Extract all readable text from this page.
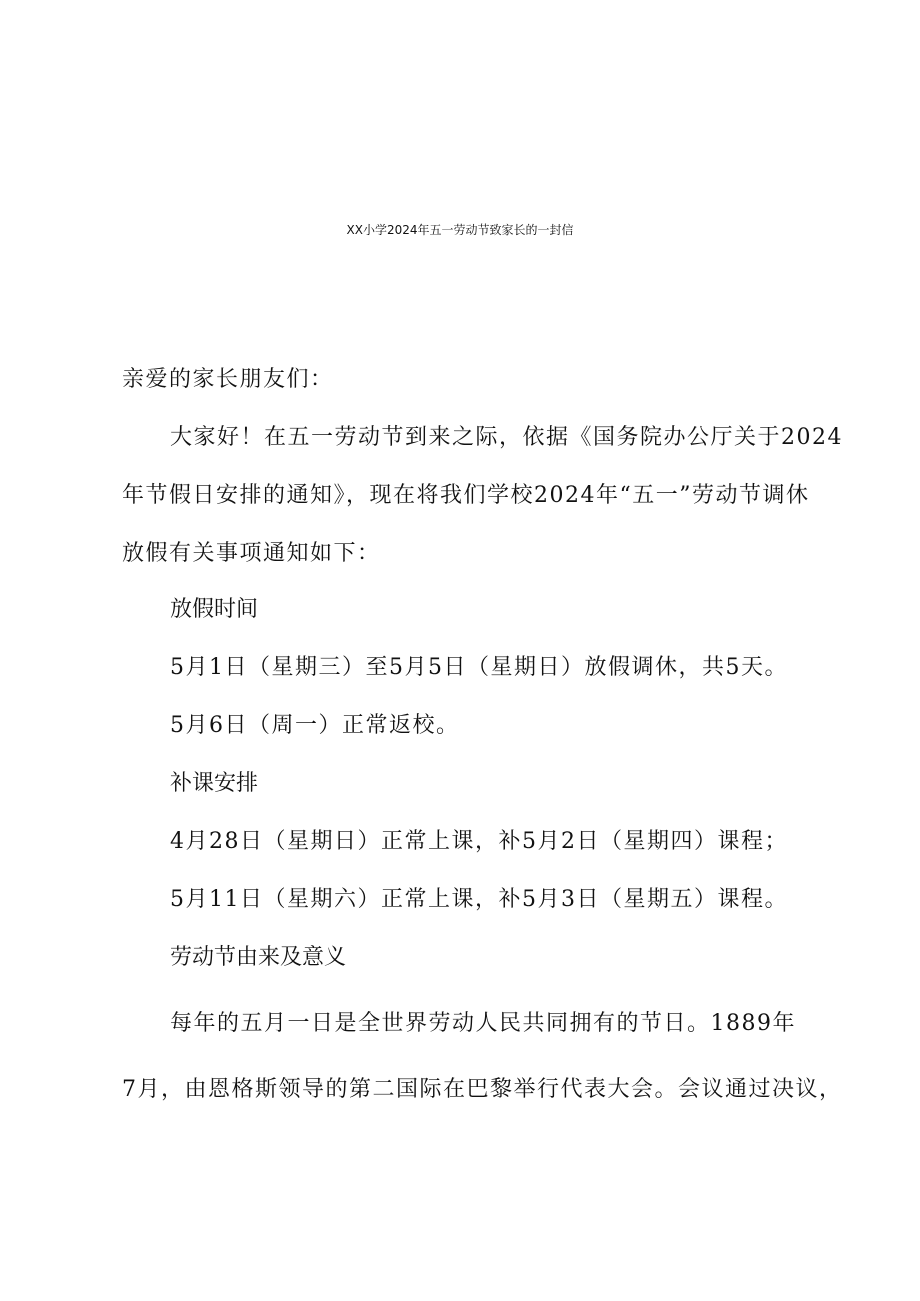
XX小学2024年五一劳动节致家长的一封信
亲爱的家长朋友们：
大家好！在五一劳动节到来之际，依据《国务院办公厅关于2024
年节假日安排的通知》，现在将我们学校2024年“五一”劳动节调休
放假有关事项通知如下：
放假时间
5月1日（星期三）至5月5日（星期日）放假调休，共5天。
5月6日（周一）正常返校。
补课安排
4月28日（星期日）正常上课，补5月2日（星期四）课程；
5月11日（星期六）正常上课，补5月3日（星期五）课程。
劳动节由来及意义
每年的五月一日是全世界劳动人民共同拥有的节日。1889年
7月，由恩格斯领导的第二国际在巴黎举行代表大会。会议通过决议，
